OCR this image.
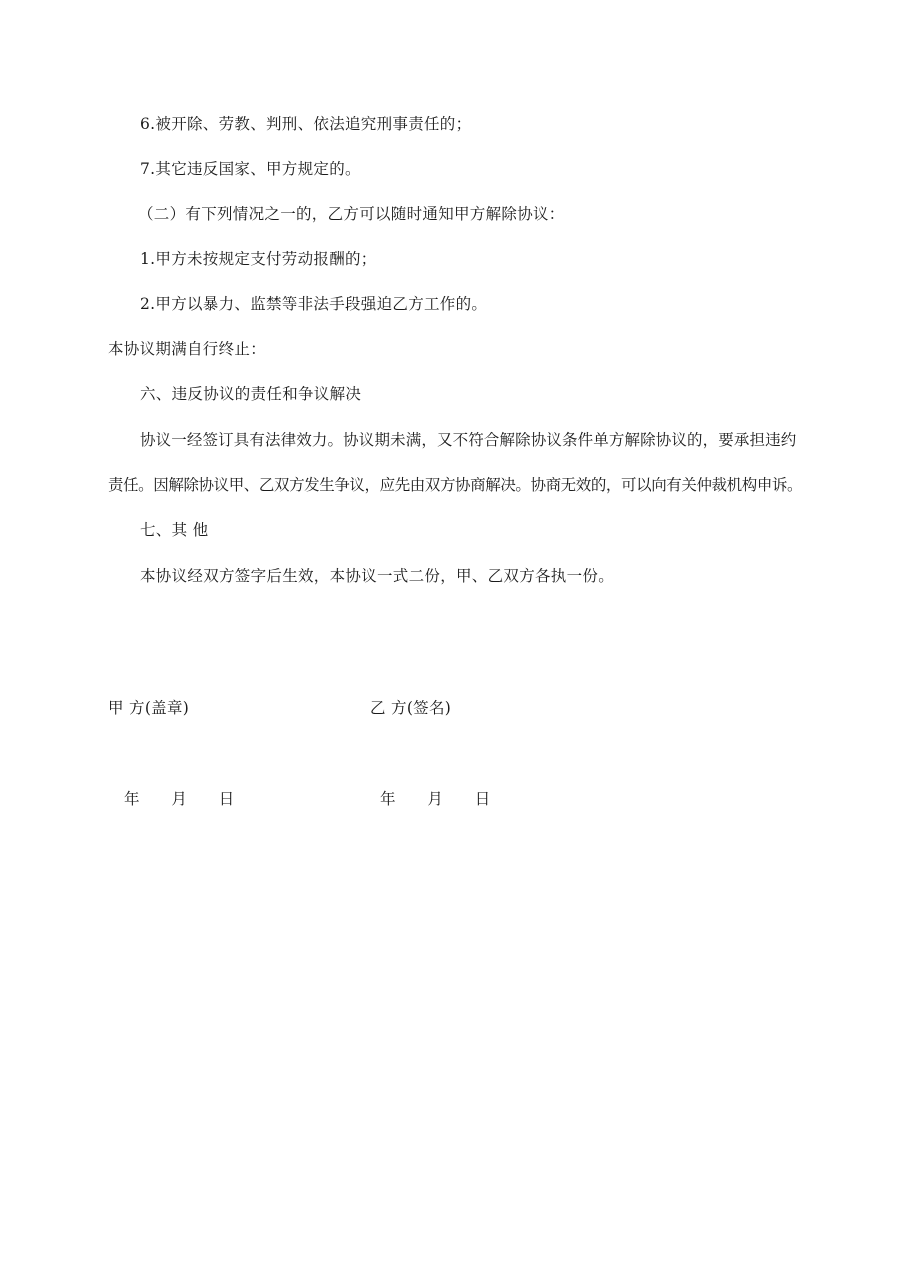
6.被开除、劳教、判刑、依法追究刑事责任的；
7.其它违反国家、甲方规定的。
（二）有下列情况之一的，乙方可以随时通知甲方解除协议：
1.甲方未按规定支付劳动报酬的；
2.甲方以暴力、监禁等非法手段强迫乙方工作的。
本协议期满自行终止：
六、违反协议的责任和争议解决
协议一经签订具有法律效力。协议期未满，又不符合解除协议条件单方解除协议的，要承担违约
责任。因解除协议甲、乙双方发生争议，应先由双方协商解决。协商无效的，可以向有关仲裁机构申诉。
七、其 他
本协议经双方签字后生效，本协议一式二份，甲、乙双方各执一份。
甲 方(盖章)	乙 方(签名)
年　　月　　日	年　　月　　日
